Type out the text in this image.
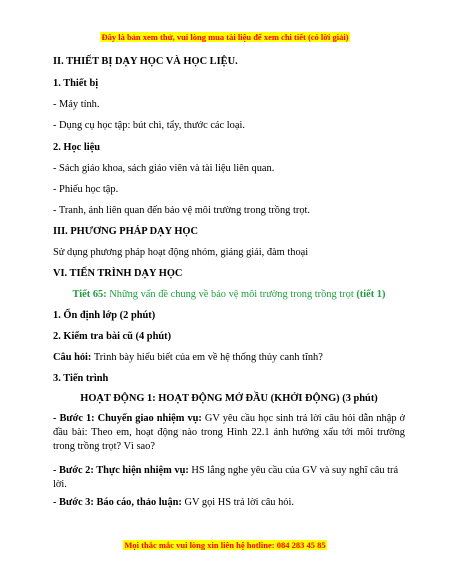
Đây là bản xem thử, vui lòng mua tài liệu để xem chi tiết (có lời giải)
II. THIẾT BỊ DẠY HỌC VÀ HỌC LIỆU.
1. Thiết bị
- Máy tính.
- Dụng cụ học tập: bút chì, tẩy, thước các loại.
2. Học liệu
- Sách giáo khoa, sách giáo viên và tài liệu liên quan.
- Phiếu học tập.
- Tranh, ảnh liên quan đến bảo vệ môi trường trong trồng trọt.
III. PHƯƠNG PHÁP DẠY HỌC
Sử dụng phương pháp hoạt động nhóm, giảng giải, đàm thoại
VI. TIẾN TRÌNH DẠY HỌC
Tiết 65: Những vấn đề chung về bảo vệ môi trường trong trồng trọt (tiết 1)
1. Ổn định lớp (2 phút)
2. Kiểm tra bài cũ (4 phút)
Câu hỏi: Trình bày hiểu biết của em về hệ thống thủy canh tĩnh?
3. Tiến trình
HOẠT ĐỘNG 1: HOẠT ĐỘNG MỞ ĐẦU (KHỞI ĐỘNG) (3 phút)
- Bước 1: Chuyển giao nhiệm vụ: GV yêu cầu học sinh trả lời câu hỏi dẫn nhập ở đầu bài: Theo em, hoạt động nào trong Hình 22.1 ảnh hưởng xấu tới môi trường trong trồng trọt? Vì sao?
- Bước 2: Thực hiện nhiệm vụ: HS lắng nghe yêu cầu của GV và suy nghĩ câu trả lời.
- Bước 3: Báo cáo, thảo luận: GV gọi HS trả lời câu hỏi.
Mọi thắc mắc vui lòng xin liên hệ hotline: 084 283 45 85
